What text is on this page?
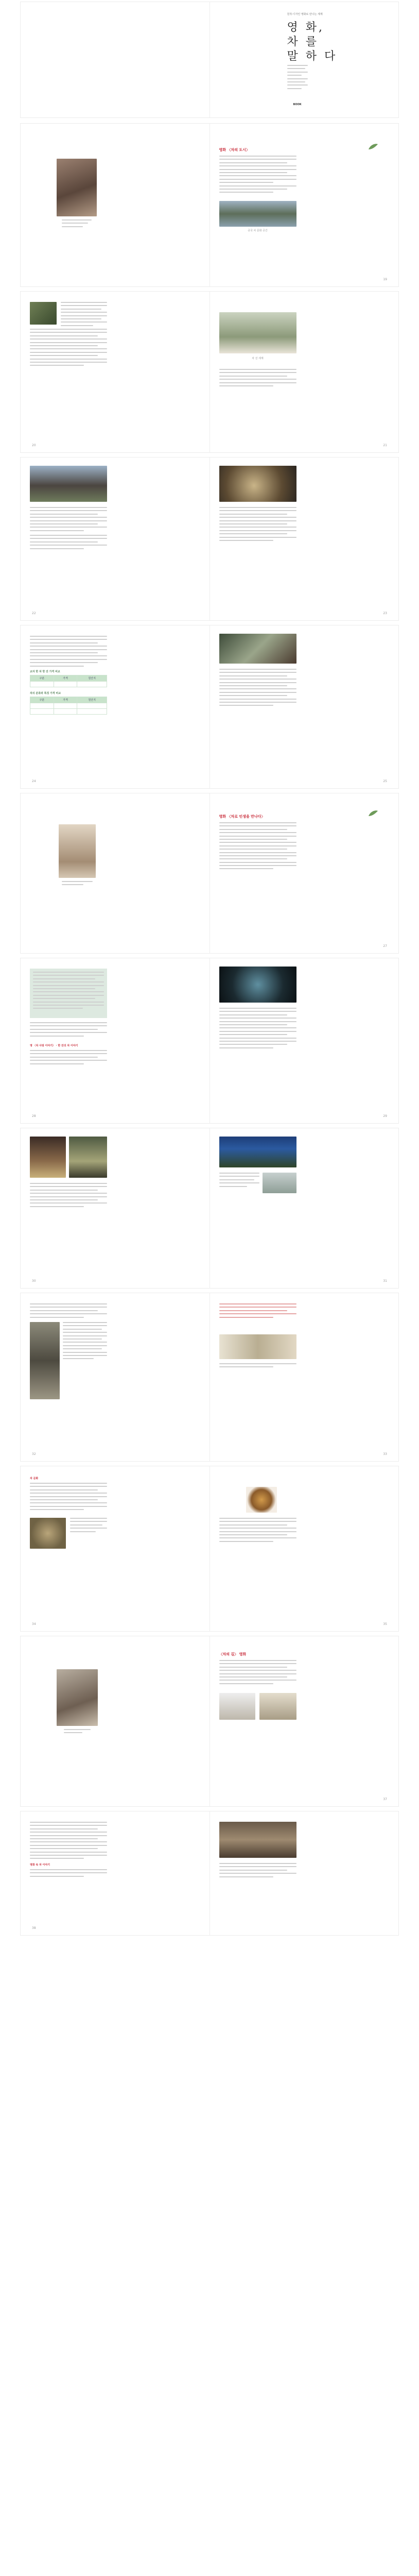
원작·디자인 영화로 만나는 세계
영 화,
차 를
말 하 다
BOOK
영화 〈차의 도시〉
중국 차 문화 공간
19
20
차 선 세계
21
22	23
교자 한 차 한 잔 가격 비교
구분	가격	원산지

차의 분류와 특징 가격 비교
구분	가격	원산지

24	25
영화 〈차로 인생을 만나다〉
27
영 〈차 사랑 이야기〉 · 한 잔의 차 이야기
28	29
30	31
32	33
차 문화
34	35
〈차의 길〉 영화
37
영화 속 차 이야기
38
